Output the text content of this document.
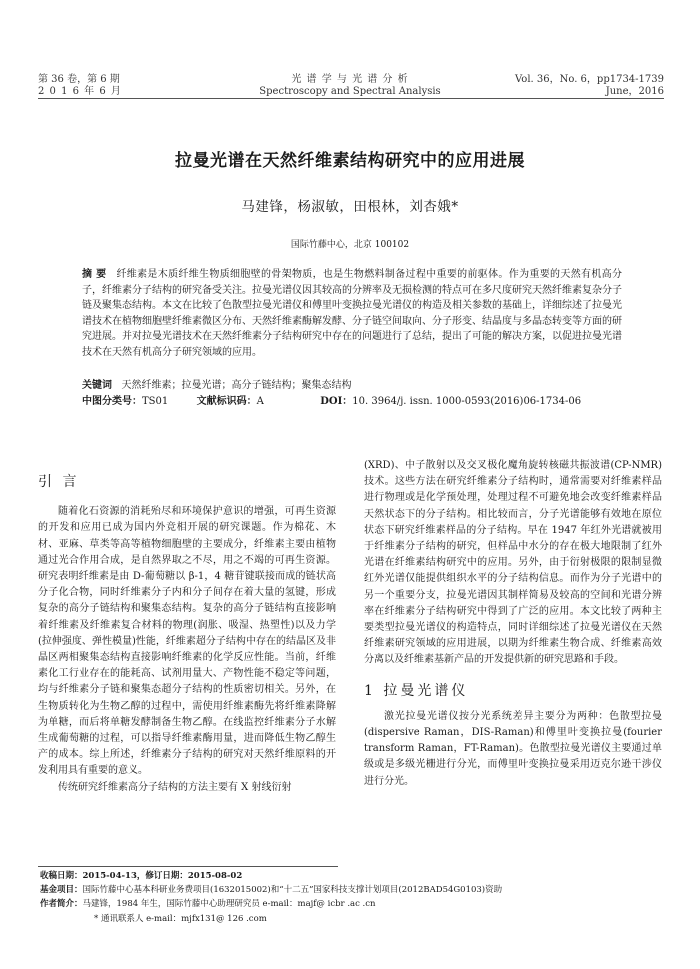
第 36 卷，第 6 期
2 0 1 6 年 6 月
光 谱 学 与 光 谱 分 析
Spectroscopy and Spectral Analysis
Vol. 36，No. 6，pp1734-1739
June，2016
拉曼光谱在天然纤维素结构研究中的应用进展
马建锋，杨淑敏，田根林，刘杏娥*
国际竹藤中心，北京 100102
摘 要 纤维素是木质纤维生物质细胞壁的骨架物质，也是生物燃料制备过程中重要的前驱体。作为重要的天然有机高分子，纤维素分子结构的研究备受关注。拉曼光谱仪因其较高的分辨率及无损检测的特点可在多尺度研究天然纤维素复杂分子链及聚集态结构。本文在比较了色散型拉曼光谱仪和傅里叶变换拉曼光谱仪的构造及相关参数的基础上，详细综述了拉曼光谱技术在植物细胞壁纤维素微区分布、天然纤维素酶解发酵、分子链空间取向、分子形变、结晶度与多晶态转变等方面的研究进展。并对拉曼光谱技术在天然纤维素分子结构研究中存在的问题进行了总结，提出了可能的解决方案，以促进拉曼光谱技术在天然有机高分子研究领域的应用。
关键词 天然纤维素；拉曼光谱；高分子链结构；聚集态结构
中图分类号：TS01	文献标识码：A	DOI：10. 3964/j. issn. 1000-0593(2016)06-1734-06
引 言

随着化石资源的消耗殆尽和环境保护意识的增强，可再生资源的开发和应用已成为国内外竞相开展的研究课题。作为棉花、木材、亚麻、草类等高等植物细胞壁的主要成分，纤维素主要由植物通过光合作用合成，是自然界取之不尽，用之不竭的可再生资源。研究表明纤维素是由 D-葡萄糖以 β-1，4 糖苷键联接而成的链状高分子化合物，同时纤维素分子内和分子间存在着大量的氢键，形成复杂的高分子链结构和聚集态结构。复杂的高分子链结构直接影响着纤维素及纤维素复合材料的物理(润胀、吸湿、热塑性)以及力学(拉伸强度、弹性模量)性能，纤维素超分子结构中存在的结晶区及非晶区两相聚集态结构直接影响纤维素的化学反应性能。当前，纤维素化工行业存在的能耗高、试剂用量大、产物性能不稳定等问题，均与纤维素分子链和聚集态超分子结构的性质密切相关。另外，在生物质转化为生物乙醇的过程中，需使用纤维素酶先将纤维素降解为单糖，而后将单糖发酵制备生物乙醇。在线监控纤维素分子水解生成葡萄糖的过程，可以指导纤维素酶用量，进而降低生物乙醇生产的成本。综上所述，纤维素分子结构的研究对天然纤维原料的开发利用具有重要的意义。

传统研究纤维素高分子结构的方法主要有 X 射线衍射

(XRD)、中子散射以及交叉极化魔角旋转核磁共振波谱(CP-NMR)技术。这些方法在研究纤维素分子结构时，通常需要对纤维素样品进行物理或是化学预处理，处理过程不可避免地会改变纤维素样品天然状态下的分子结构。相比较而言，分子光谱能够有效地在原位状态下研究纤维素样品的分子结构。早在 1947 年红外光谱就被用于纤维素分子结构的研究，但样品中水分的存在极大地限制了红外光谱在纤维素结构研究中的应用。另外，由于衍射极限的限制显微红外光谱仅能提供组织水平的分子结构信息。而作为分子光谱中的另一个重要分支，拉曼光谱因其制样简易及较高的空间和光谱分辨率在纤维素分子结构研究中得到了广泛的应用。本文比较了两种主要类型拉曼光谱仪的构造特点，同时详细综述了拉曼光谱仪在天然纤维素研究领域的应用进展，以期为纤维素生物合成、纤维素高效分离以及纤维素基新产品的开发提供新的研究思路和手段。

1 拉曼光谱仪

激光拉曼光谱仪按分光系统差异主要分为两种：色散型拉曼(dispersive Raman，DIS-Raman)和傅里叶变换拉曼(fourier transform Raman，FT-Raman)。色散型拉曼光谱仪主要通过单级或是多级光栅进行分光，而傅里叶变换拉曼采用迈克尔逊干涉仪进行分光。

收稿日期：2015-04-13，修订日期：2015-08-02
基金项目：国际竹藤中心基本科研业务费项目(1632015002)和“十二五”国家科技支撑计划项目(2012BAD54G0103)资助
作者简介：马建锋，1984 年生，国际竹藤中心助理研究员 e-mail：majf@ icbr .ac .cn
* 通讯联系人 e-mail：mjfx131@ 126 .com
